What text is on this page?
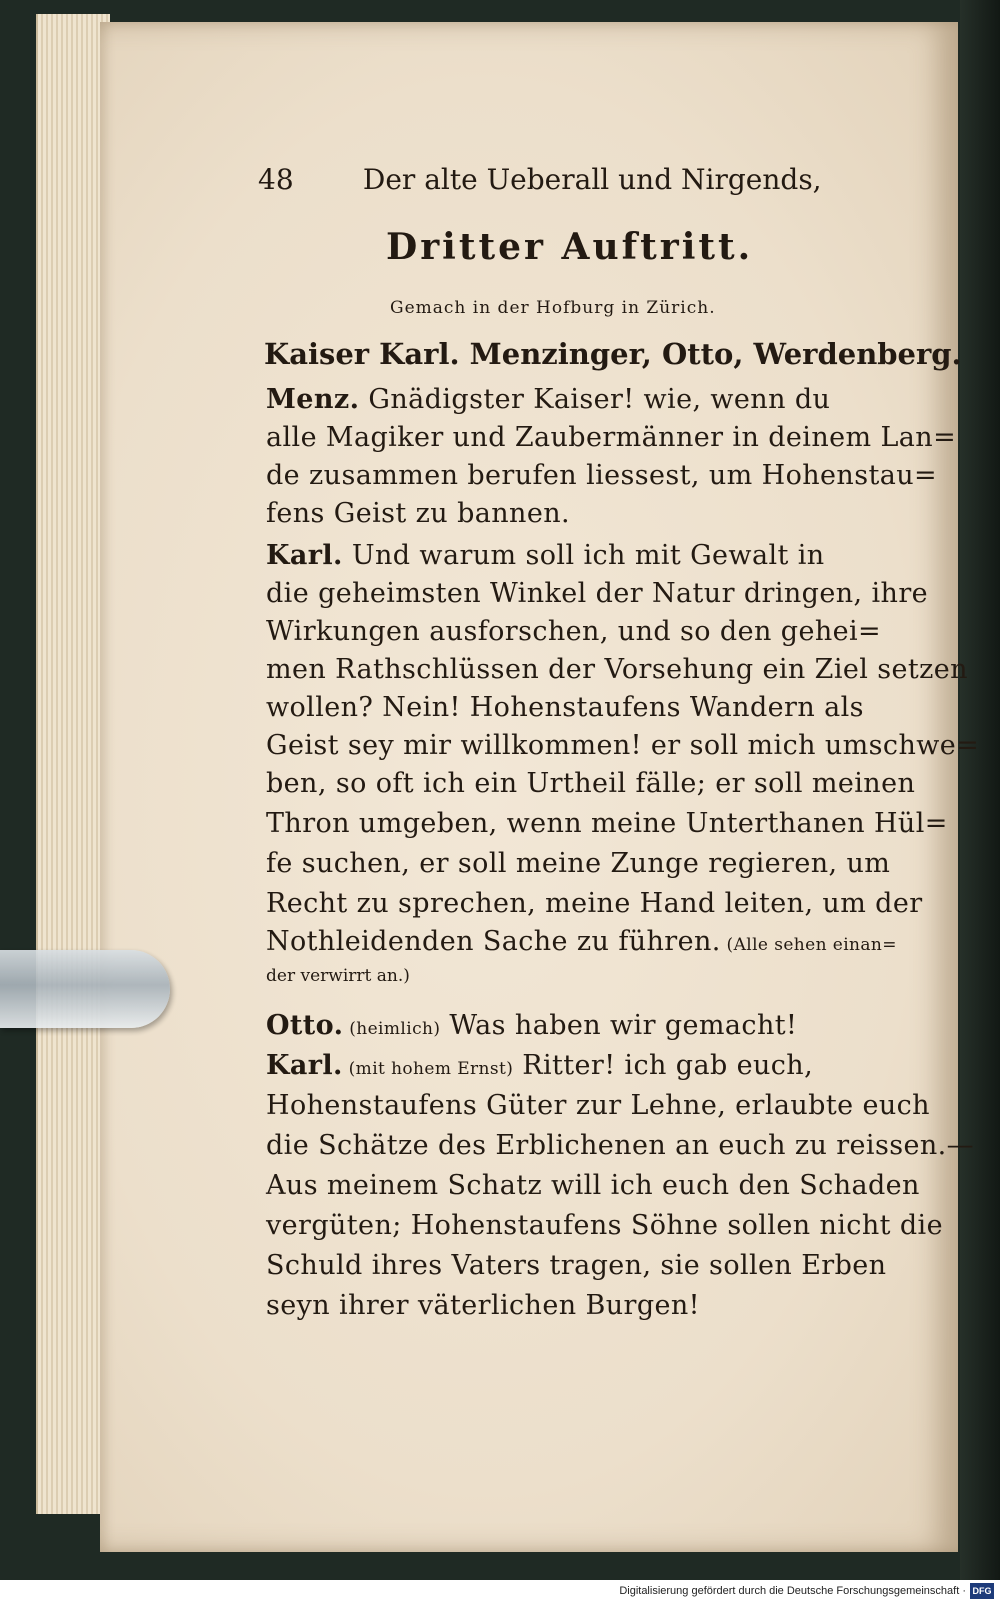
48 Der alte Ueberall und Nirgends,
Dritter Auftritt.
Gemach in der Hofburg in Zürich.
Kaiser Karl. Menzinger, Otto, Werdenberg.
Menz. Gnädigster Kaiser! wie, wenn du
alle Magiker und Zaubermänner in deinem Lan=
de zusammen berufen liessest, um Hohenstau=
fens Geist zu bannen.
Karl. Und warum soll ich mit Gewalt in
die geheimsten Winkel der Natur dringen, ihre
Wirkungen ausforschen, und so den gehei=
men Rathschlüssen der Vorsehung ein Ziel setzen
wollen? Nein! Hohenstaufens Wandern als
Geist sey mir willkommen! er soll mich umschwe=
ben, so oft ich ein Urtheil fälle; er soll meinen
Thron umgeben, wenn meine Unterthanen Hül=
fe suchen, er soll meine Zunge regieren, um
Recht zu sprechen, meine Hand leiten, um der
Nothleidenden Sache zu führen. (Alle sehen einan=
der verwirrt an.)
Otto. (heimlich) Was haben wir gemacht!
Karl. (mit hohem Ernst) Ritter! ich gab euch,
Hohenstaufens Güter zur Lehne, erlaubte euch
die Schätze des Erblichenen an euch zu reissen.—
Aus meinem Schatz will ich euch den Schaden
vergüten; Hohenstaufens Söhne sollen nicht die
Schuld ihres Vaters tragen, sie sollen Erben
seyn ihrer väterlichen Burgen!
Digitalisierung gefördert durch die Deutsche Forschungsgemeinschaft · DFG
